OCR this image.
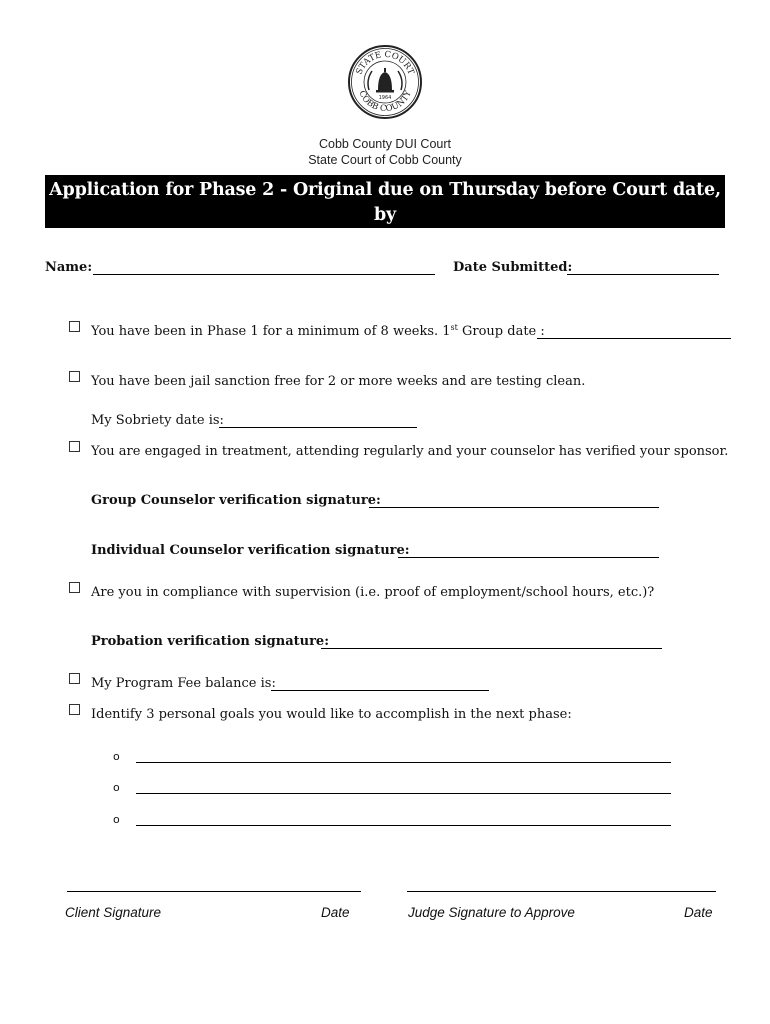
STATE COURT
COBB COUNTY
1964
Cobb County DUI Court
State Court of Cobb County
Application for Phase 2 - Original due on Thursday before Court date, by
Noon. Submit completed form to Probation/Court staff only.
Name:	Date Submitted:
You have been in Phase 1 for a minimum of 8 weeks. 1st Group date :
You have been jail sanction free for 2 or more weeks and are testing clean.
My Sobriety date is:
You are engaged in treatment, attending regularly and your counselor has verified your sponsor.
Group Counselor verification signature:
Individual Counselor verification signature:
Are you in compliance with supervision (i.e. proof of employment/school hours, etc.)?
Probation verification signature:
My Program Fee balance is:
Identify 3 personal goals you would like to accomplish in the next phase:
o
o
o
Client Signature	Date	Judge Signature to Approve	Date
